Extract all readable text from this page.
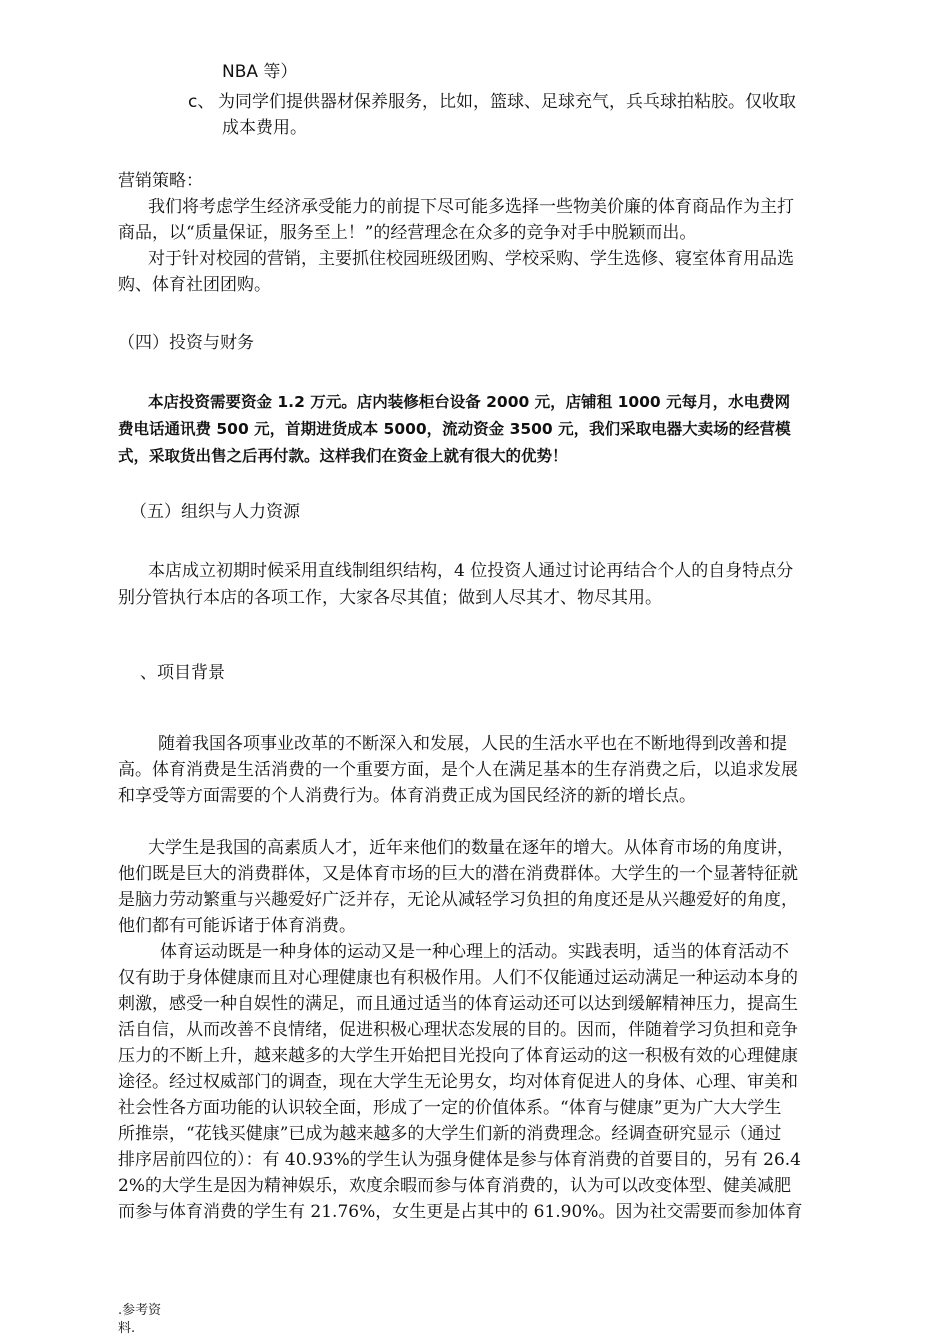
NBA 等）
c、 为同学们提供器材保养服务，比如，篮球、足球充气，兵乓球拍粘胶。仅收取
成本费用。
营销策略：
我们将考虑学生经济承受能力的前提下尽可能多选择一些物美价廉的体育商品作为主打
商品，以“质量保证，服务至上！”的经营理念在众多的竞争对手中脱颖而出。
对于针对校园的营销，主要抓住校园班级团购、学校采购、学生选修、寝室体育用品选
购、体育社团团购。
（四）投资与财务
本店投资需要资金 1.2 万元。店内装修柜台设备 2000 元，店铺租 1000 元每月，水电费网
费电话通讯费 500 元，首期进货成本 5000，流动资金 3500 元，我们采取电器大卖场的经营模
式，采取货出售之后再付款。这样我们在资金上就有很大的优势！
（五）组织与人力资源
本店成立初期时候采用直线制组织结构，4 位投资人通过讨论再结合个人的自身特点分
别分管执行本店的各项工作，大家各尽其值；做到人尽其才、物尽其用。
、项目背景
随着我国各项事业改革的不断深入和发展，人民的生活水平也在不断地得到改善和提
高。体育消费是生活消费的一个重要方面，是个人在满足基本的生存消费之后，以追求发展
和享受等方面需要的个人消费行为。体育消费正成为国民经济的新的增长点。
大学生是我国的高素质人才，近年来他们的数量在逐年的增大。从体育市场的角度讲，
他们既是巨大的消费群体，又是体育市场的巨大的潜在消费群体。大学生的一个显著特征就
是脑力劳动繁重与兴趣爱好广泛并存，无论从减轻学习负担的角度还是从兴趣爱好的角度，
他们都有可能诉诸于体育消费。
体育运动既是一种身体的运动又是一种心理上的活动。实践表明，适当的体育活动不
仅有助于身体健康而且对心理健康也有积极作用。人们不仅能通过运动满足一种运动本身的
刺激，感受一种自娱性的满足，而且通过适当的体育运动还可以达到缓解精神压力，提高生
活自信，从而改善不良情绪，促进积极心理状态发展的目的。因而，伴随着学习负担和竞争
压力的不断上升，越来越多的大学生开始把目光投向了体育运动的这一积极有效的心理健康
途径。经过权威部门的调查，现在大学生无论男女，均对体育促进人的身体、心理、审美和
社会性各方面功能的认识较全面，形成了一定的价值体系。“体育与健康”更为广大大学生
所推崇，“花钱买健康”已成为越来越多的大学生们新的消费理念。经调查研究显示（通过
排序居前四位的）：有 40.93%的学生认为强身健体是参与体育消费的首要目的，另有 26.4
2%的大学生是因为精神娱乐，欢度余暇而参与体育消费的，认为可以改变体型、健美减肥
而参与体育消费的学生有 21.76%，女生更是占其中的 61.90%。因为社交需要而参加体育
.参考资
料.
